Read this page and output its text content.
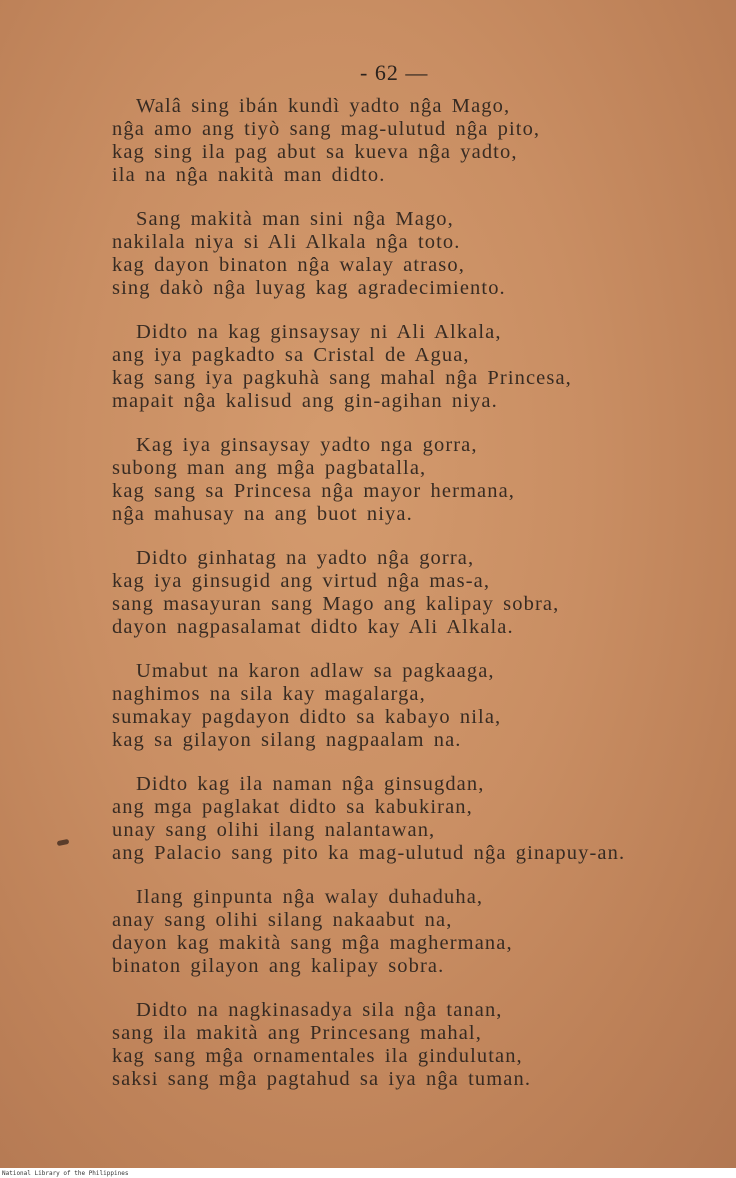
- 62 —
Walâ sing ibán kundì yadto nĝa Mago,
nĝa amo ang tiyò sang mag-ulutud nĝa pito,
kag sing ila pag abut sa kueva nĝa yadto,
ila na nĝa nakità man didto.
Sang makità man sini nĝa Mago,
nakilala niya si Ali Alkala nĝa toto.
kag dayon binaton nĝa walay atraso,
sing dakò nĝa luyag kag agradecimiento.
Didto na kag ginsaysay ni Ali Alkala,
ang iya pagkadto sa Cristal de Agua,
kag sang iya pagkuhà sang mahal nĝa Princesa,
mapait nĝa kalisud ang gin-agihan niya.
Kag iya ginsaysay yadto nga gorra,
subong man ang mĝa pagbatalla,
kag sang sa Princesa nĝa mayor hermana,
nĝa mahusay na ang buot niya.
Didto ginhatag na yadto nĝa gorra,
kag iya ginsugid ang virtud nĝa mas-a,
sang masayuran sang Mago ang kalipay sobra,
dayon nagpasalamat didto kay Ali Alkala.
Umabut na karon adlaw sa pagkaaga,
naghimos na sila kay magalarga,
sumakay pagdayon didto sa kabayo nila,
kag sa gilayon silang nagpaalam na.
Didto kag ila naman nĝa ginsugdan,
ang mga paglakat didto sa kabukiran,
unay sang olihi ilang nalantawan,
ang Palacio sang pito ka mag-ulutud nĝa ginapuy-an.
Ilang ginpunta nĝa walay duhaduha,
anay sang olihi silang nakaabut na,
dayon kag makità sang mĝa maghermana,
binaton gilayon ang kalipay sobra.
Didto na nagkinasadya sila nĝa tanan,
sang ila makità ang Princesang mahal,
kag sang mĝa ornamentales ila gindulutan,
saksi sang mĝa pagtahud sa iya nĝa tuman.
National Library of the Philippines
